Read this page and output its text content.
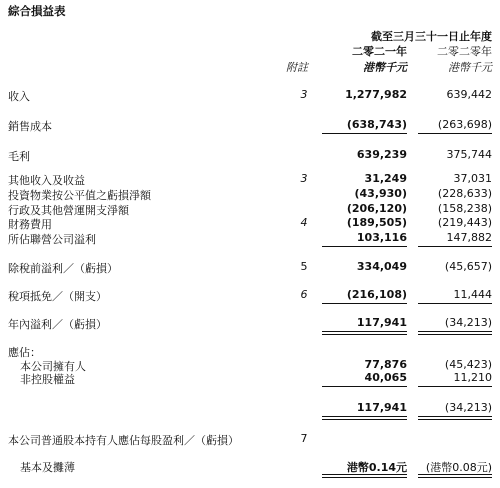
綜合損益表
截至三月三十一日止年度
二零二一年	二零二零年
附註	港幣千元	港幣千元
收入	3	1,277,982	639,442
銷售成本	(638,743)	(263,698)
毛利	639,239	375,744
其他收入及收益	3	31,249	37,031
投資物業按公平值之虧損淨額	(43,930)	(228,633)
行政及其他營運開支淨額	(206,120)	(158,238)
財務費用	4	(189,505)	(219,443)
所佔聯營公司溢利	103,116	147,882
除稅前溢利／（虧損）	5	334,049	(45,657)
稅項抵免／（開支）	6	(216,108)	11,444
年內溢利／（虧損）	117,941	(34,213)
應佔：
本公司擁有人	77,876	(45,423)
非控股權益	40,065	11,210
117,941	(34,213)
本公司普通股本持有人應佔每股盈利／（虧損）	7
基本及攤薄	港幣0.14元 (港幣0.08元)
